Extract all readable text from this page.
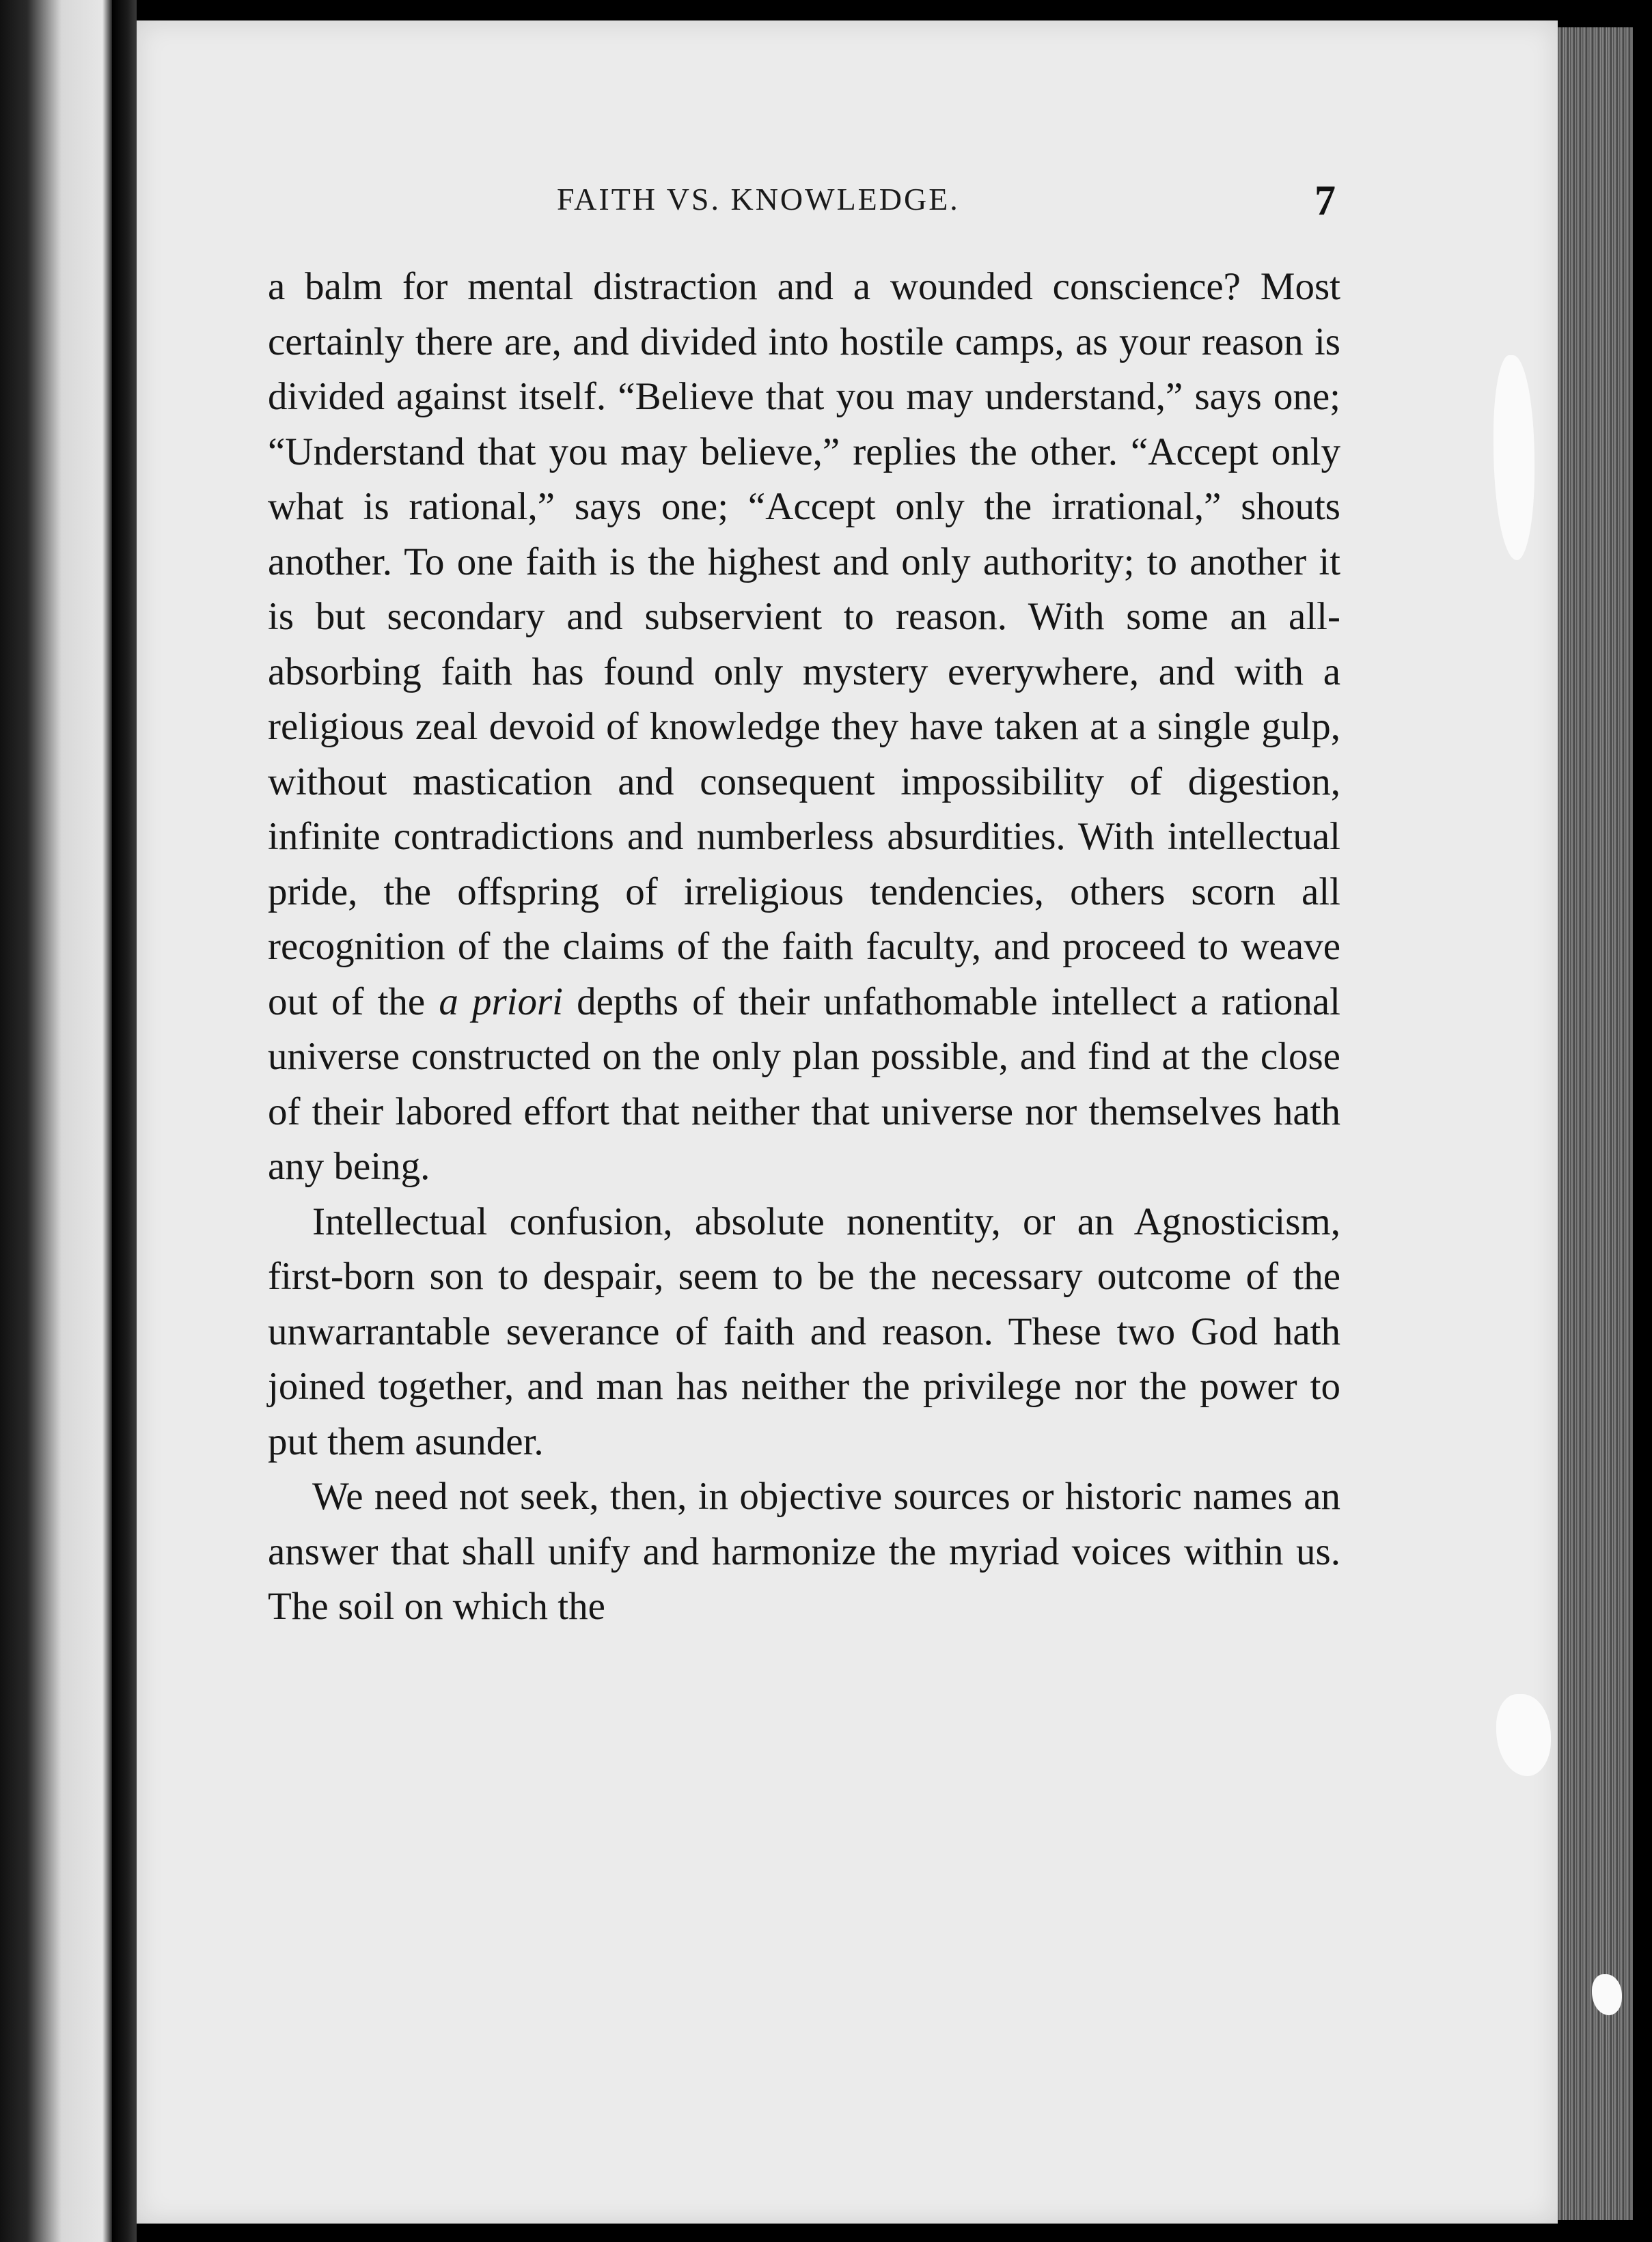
FAITH VS. KNOWLEDGE.	7

a balm for mental distraction and a wounded conscience? Most certainly there are, and divided into hostile camps, as your reason is divided against itself. “Believe that you may understand,” says one; “Understand that you may believe,” replies the other. “Accept only what is rational,” says one; “Accept only the irrational,” shouts another. To one faith is the highest and only authority; to another it is but secondary and subservient to reason. With some an all-absorbing faith has found only mystery everywhere, and with a religious zeal devoid of knowledge they have taken at a single gulp, without mastication and consequent impossibility of digestion, infinite contradictions and numberless absurdities. With intellectual pride, the offspring of irreligious tendencies, others scorn all recognition of the claims of the faith faculty, and proceed to weave out of the a priori depths of their unfathomable intellect a rational universe constructed on the only plan possible, and find at the close of their labored effort that neither that universe nor themselves hath any being.

Intellectual confusion, absolute nonentity, or an Agnosticism, first-born son to despair, seem to be the necessary outcome of the unwarrantable severance of faith and reason. These two God hath joined together, and man has neither the privilege nor the power to put them asunder.

We need not seek, then, in objective sources or historic names an answer that shall unify and harmonize the myriad voices within us. The soil on which the
